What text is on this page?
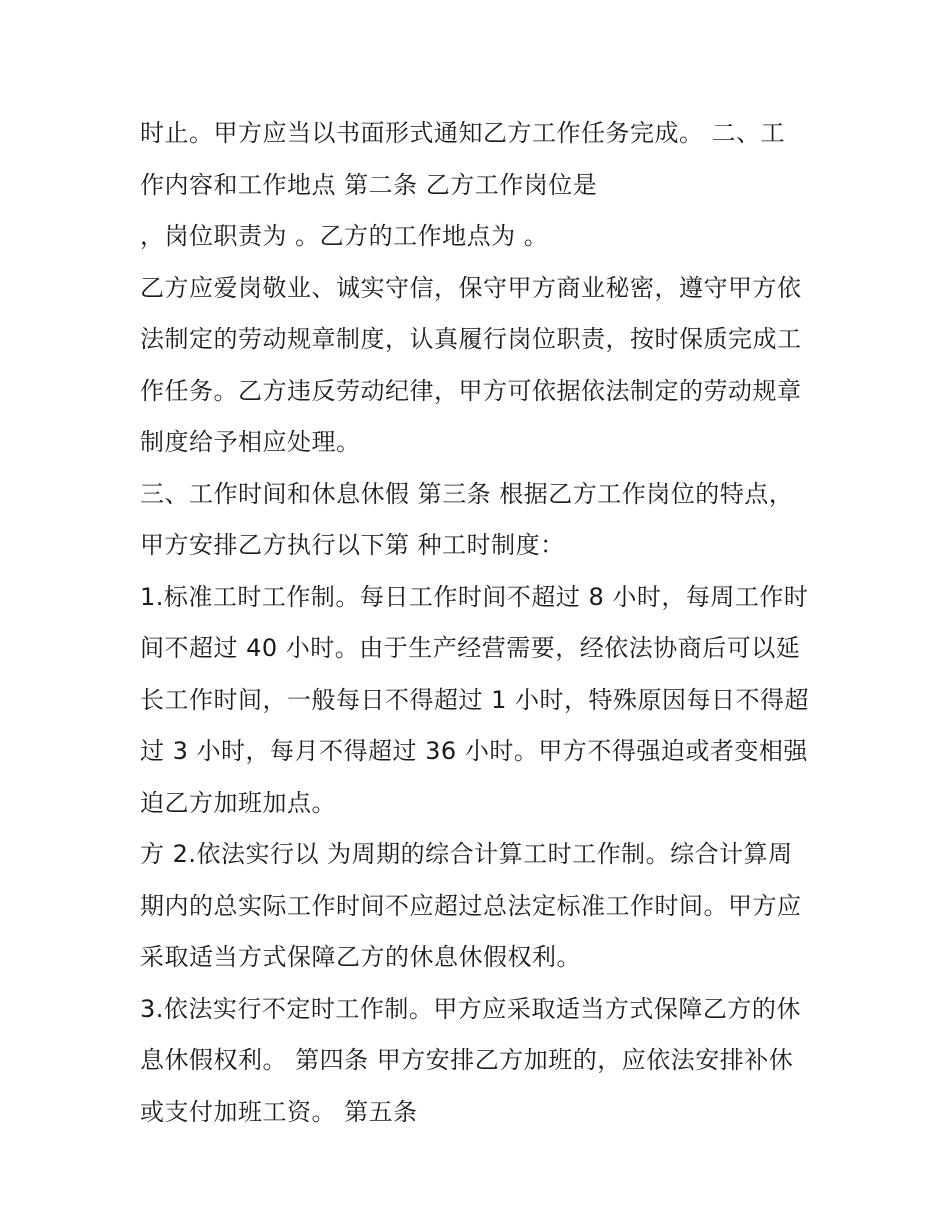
时止。甲方应当以书面形式通知乙方工作任务完成。 二、工
作内容和工作地点 第二条 乙方工作岗位是
，岗位职责为 。乙方的工作地点为 。
乙方应爱岗敬业、诚实守信，保守甲方商业秘密，遵守甲方依
法制定的劳动规章制度，认真履行岗位职责，按时保质完成工
作任务。乙方违反劳动纪律，甲方可依据依法制定的劳动规章
制度给予相应处理。
三、工作时间和休息休假 第三条 根据乙方工作岗位的特点，
甲方安排乙方执行以下第 种工时制度：
1.标准工时工作制。每日工作时间不超过 8 小时，每周工作时
间不超过 40 小时。由于生产经营需要，经依法协商后可以延
长工作时间，一般每日不得超过 1 小时，特殊原因每日不得超
过 3 小时，每月不得超过 36 小时。甲方不得强迫或者变相强
迫乙方加班加点。
方 2.依法实行以 为周期的综合计算工时工作制。综合计算周
期内的总实际工作时间不应超过总法定标准工作时间。甲方应
采取适当方式保障乙方的休息休假权利。
3.依法实行不定时工作制。甲方应采取适当方式保障乙方的休
息休假权利。 第四条 甲方安排乙方加班的，应依法安排补休
或支付加班工资。 第五条
